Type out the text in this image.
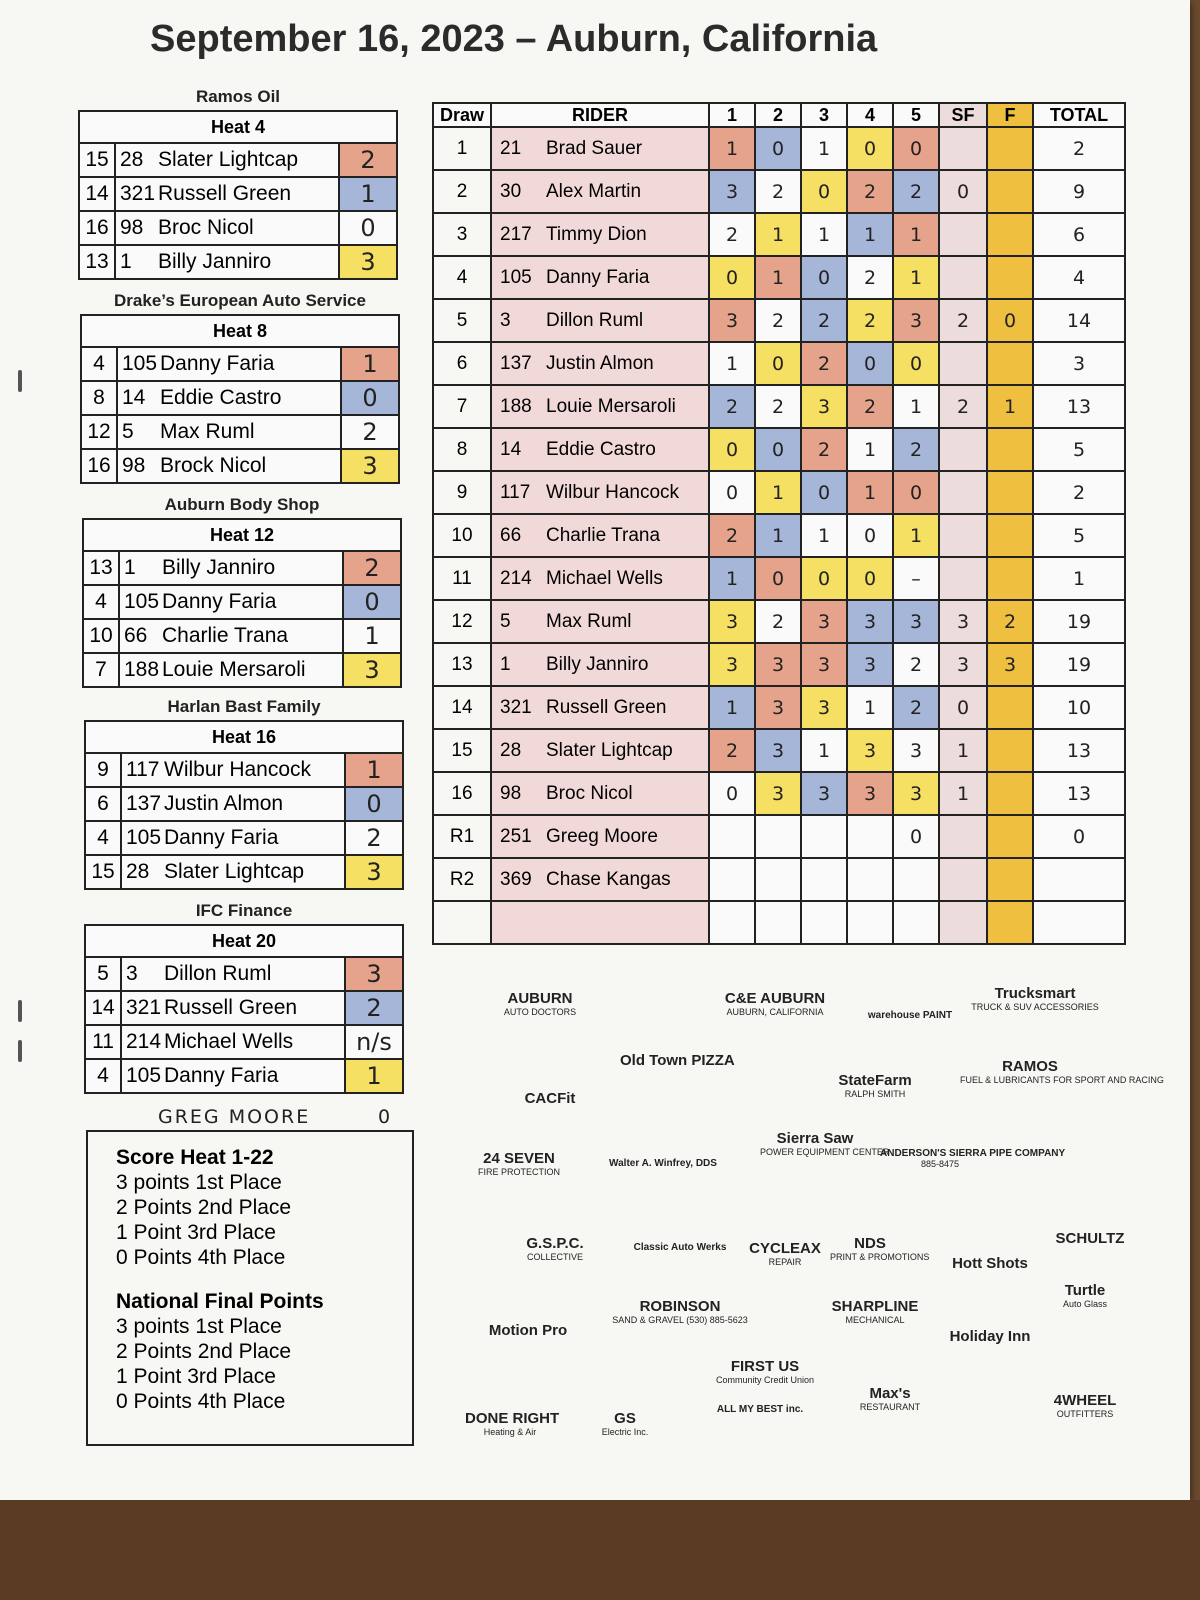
September 16, 2023 – Auburn, California
Ramos Oil
Heat 4
15 28 Slater Lightcap	2
14 321 Russell Green	1
16 98 Broc Nicol	0
13 1	Billy Janniro	3
Drake’s European Auto Service
Heat 8
4 105 Danny Faria	1
8 14 Eddie Castro	0
12 5	Max Ruml	2
16 98 Brock Nicol	3
Auburn Body Shop
Heat 12
13 1	Billy Janniro	2
4 105 Danny Faria	0
10 66 Charlie Trana	1
7 188 Louie Mersaroli	3
Harlan Bast Family
Heat 16
9 117 Wilbur Hancock	1
6 137 Justin Almon	0
4 105 Danny Faria	2
15 28 Slater Lightcap	3
IFC Finance
Heat 20
5 3	Dillon Ruml	3
14 321 Russell Green	2
11 214 Michael Wells	n/s
4 105 Danny Faria	1
GREG MOORE	0
Score Heat 1-22
3 points 1st Place
2 Points 2nd Place
1 Point 3rd Place
0 Points 4th Place
National Final Points
3 points 1st Place
2 Points 2nd Place
1 Point 3rd Place
0 Points 4th Place
Draw	RIDER	1	2	3	4	5	SF	F	TOTAL
1	21 Brad Sauer	1	0	1	0	0			2
2	30 Alex Martin	3	2	0	2	2	0		9
3	217 Timmy Dion	2	1	1	1	1			6
4	105 Danny Faria	0	1	0	2	1			4
5	3 Dillon Ruml	3	2	2	2	3	2	0	14
6	137 Justin Almon	1	0	2	0	0			3
7	188 Louie Mersaroli	2	2	3	2	1	2	1	13
8	14 Eddie Castro	0	0	2	1	2			5
9	117 Wilbur Hancock	0	1	0	1	0			2
10	66 Charlie Trana	2	1	1	0	1			5
11	214 Michael Wells	1	0	0	0	–			1
12	5 Max Ruml	3	2	3	3	3	3	2	19
13	1 Billy Janniro	3	3	3	3	2	3	3	19
14	321 Russell Green	1	3	3	1	2	0		10
15	28 Slater Lightcap	2	3	1	3	3	1		13
16	98 Broc Nicol	0	3	3	3	3	1		13
R1	251 Greeg Moore					0			0
R2	369 Chase Kangas								

AUBURN
AUTO DOCTORS
C&E AUBURN
AUBURN, CALIFORNIA	warehouse PAINT
Trucksmart
TRUCK & SUV ACCESSORIES
Old Town PIZZA
CACFit
StateFarm
RALPH SMITH
RAMOS
FUEL & LUBRICANTS FOR SPORT AND RACING
24 SEVEN
FIRE PROTECTION
Walter A. Winfrey, DDS
Sierra Saw
POWER EQUIPMENT CENTER
ANDERSON'S SIERRA PIPE COMPANY
885-8475
G.S.P.C.
COLLECTIVE
Classic Auto Werks CYCLEAX
REPAIR
NDS
PRINT & PROMOTIONS Hott Shots
SCHULTZ
Motion Pro
ROBINSON
SAND & GRAVEL (530) 885-5623
SHARPLINE
MECHANICAL
Holiday Inn
Turtle
Auto Glass
FIRST US
Community Credit Union
DONE RIGHT
Heating & Air
GS
Electric Inc.
ALL MY BEST inc.
Max's
RESTAURANT	4WHEEL
OUTFITTERS
